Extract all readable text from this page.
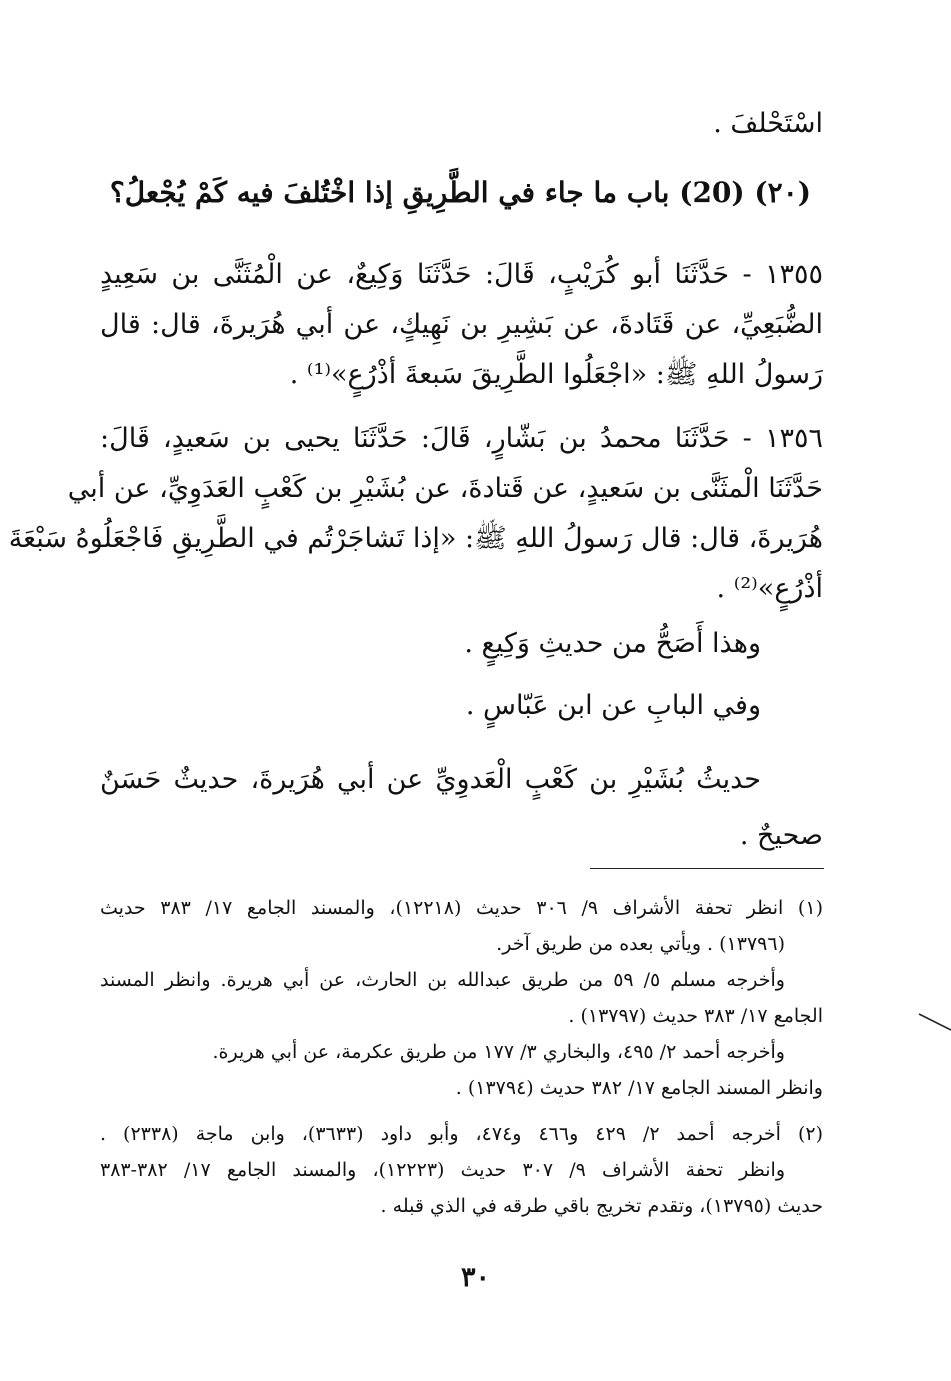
اسْتَحْلفَ .
(٢٠) (20) باب ما جاء في الطَّرِيقِ إذا اخْتُلفَ فيه كَمْ يُجْعلُ؟
١٣٥٥ - حَدَّثَنَا أبو كُرَيْبٍ، قَالَ: حَدَّثَنَا وَكِيعٌ، عن الْمُثَنَّى بن سَعِيدٍ
الضُّبَعِيِّ، عن قَتَادةَ، عن بَشِيرِ بن نَهِيكٍ، عن أبي هُرَيرةَ، قال: قال
رَسولُ اللهِ ﷺ: «اجْعَلُوا الطَّرِيقَ سَبعةَ أذْرُعٍ»⁽¹⁾ .
١٣٥٦ - حَدَّثَنَا محمدُ بن بَشّارٍ، قَالَ: حَدَّثَنَا يحيى بن سَعيدٍ، قَالَ:
حَدَّثَنَا الْمثَنَّى بن سَعيدٍ، عن قَتادةَ، عن بُشَيْرِ بن كَعْبٍ العَدَوِيِّ، عن أبي
هُرَيرةَ، قال: قال رَسولُ اللهِ ﷺ: «إذا تَشاجَرْتُم في الطَّرِيقِ فَاجْعَلُوهُ سَبْعَةَ
أذْرُعٍ»⁽²⁾ .
وهذا أَصَحُّ من حديثِ وَكِيعٍ .
وفي البابِ عن ابن عَبّاسٍ .
حديثُ بُشَيْرِ بن كَعْبٍ الْعَدوِيِّ عن أبي هُرَيرةَ، حديثٌ حَسَنٌ
صحيحٌ .
(١) انظر تحفة الأشراف ٩/ ٣٠٦ حديث (١٢٢١٨)، والمسند الجامع ١٧/ ٣٨٣ حديث
(١٣٧٩٦) . ويأتي بعده من طريق آخر.
وأخرجه مسلم ٥/ ٥٩ من طريق عبدالله بن الحارث، عن أبي هريرة. وانظر المسند
الجامع ١٧/ ٣٨٣ حديث (١٣٧٩٧) .
وأخرجه أحمد ٢/ ٤٩٥، والبخاري ٣/ ١٧٧ من طريق عكرمة، عن أبي هريرة.
وانظر المسند الجامع ١٧/ ٣٨٢ حديث (١٣٧٩٤) .
(٢) أخرجه أحمد ٢/ ٤٢٩ و٤٦٦ و٤٧٤، وأبو داود (٣٦٣٣)، وابن ماجة (٢٣٣٨) .
وانظر تحفة الأشراف ٩/ ٣٠٧ حديث (١٢٢٢٣)، والمسند الجامع ١٧/ ٣٨٢-٣٨٣
حديث (١٣٧٩٥)، وتقدم تخريج باقي طرقه في الذي قبله .
٣٠
